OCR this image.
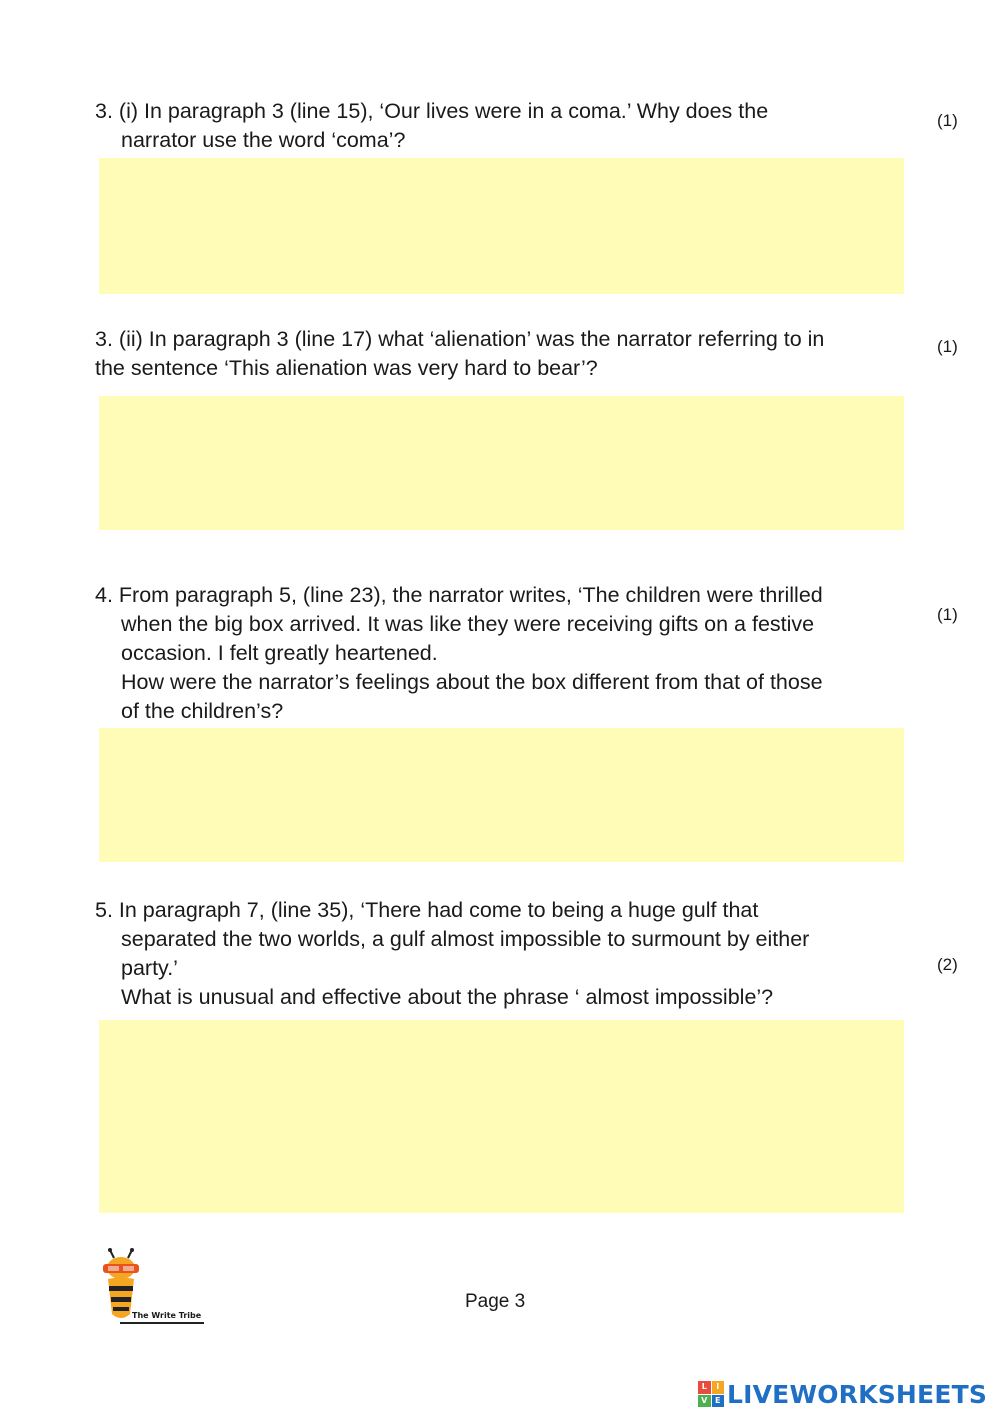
3. (i) In paragraph 3 (line 15), ‘Our lives were in a coma.’ Why does the
narrator use the word ‘coma’?
(1)
3. (ii) In paragraph 3 (line 17) what ‘alienation’ was the narrator referring to in
the sentence ‘This alienation was very hard to bear’?
(1)
4. From paragraph 5, (line 23), the narrator writes, ‘The children were thrilled
when the big box arrived. It was like they were receiving gifts on a festive
occasion. I felt greatly heartened.
How were the narrator’s feelings about the box different from that of those
of the children’s?
(1)
5. In paragraph 7, (line 35), ‘There had come to being a huge gulf that
separated the two worlds, a gulf almost impossible to surmount by either
party.’
What is unusual and effective about the phrase ‘ almost impossible’?
(2)
The Write Tribe
Page 3
L	I
V E LIVEWORKSHEETS
